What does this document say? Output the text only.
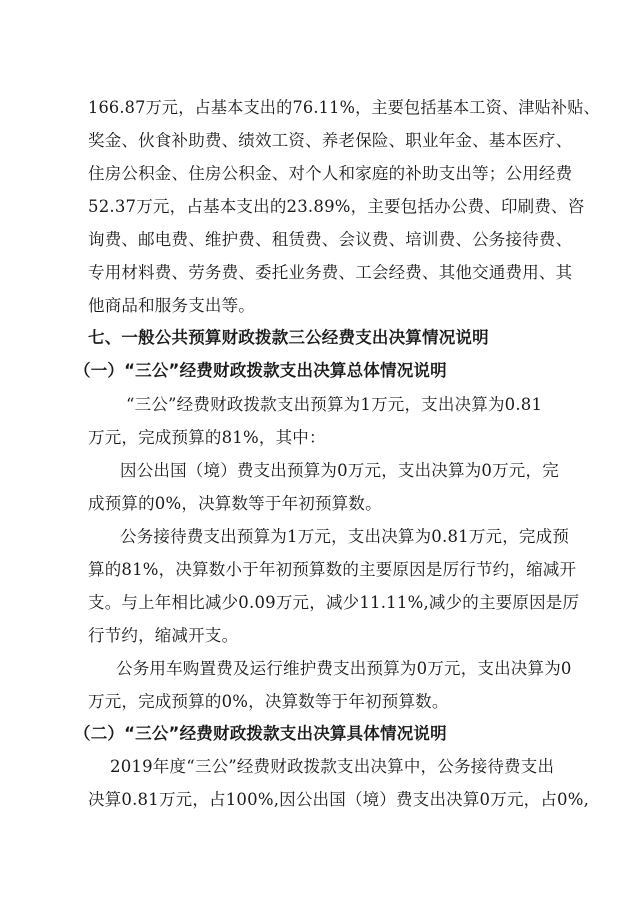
166.87万元，占基本支出的76.11%，主要包括基本工资、津贴补贴、
奖金、伙食补助费、绩效工资、养老保险、职业年金、基本医疗、
住房公积金、住房公积金、对个人和家庭的补助支出等；公用经费
52.37万元，占基本支出的23.89%，主要包括办公费、印刷费、咨
询费、邮电费、维护费、租赁费、会议费、培训费、公务接待费、
专用材料费、劳务费、委托业务费、工会经费、其他交通费用、其
他商品和服务支出等。
七、一般公共预算财政拨款三公经费支出决算情况说明
（一）“三公”经费财政拨款支出决算总体情况说明
“三公”经费财政拨款支出预算为1万元，支出决算为0.81
万元，完成预算的81%，其中：
因公出国（境）费支出预算为0万元，支出决算为0万元，完
成预算的0%，决算数等于年初预算数。
公务接待费支出预算为1万元，支出决算为0.81万元，完成预
算的81%，决算数小于年初预算数的主要原因是厉行节约，缩减开
支。与上年相比减少0.09万元，减少11.11%,减少的主要原因是厉
行节约，缩减开支。
公务用车购置费及运行维护费支出预算为0万元，支出决算为0
万元，完成预算的0%，决算数等于年初预算数。
（二）“三公”经费财政拨款支出决算具体情况说明
2019年度“三公”经费财政拨款支出决算中，公务接待费支出
决算0.81万元，占100%,因公出国（境）费支出决算0万元，占0%,
